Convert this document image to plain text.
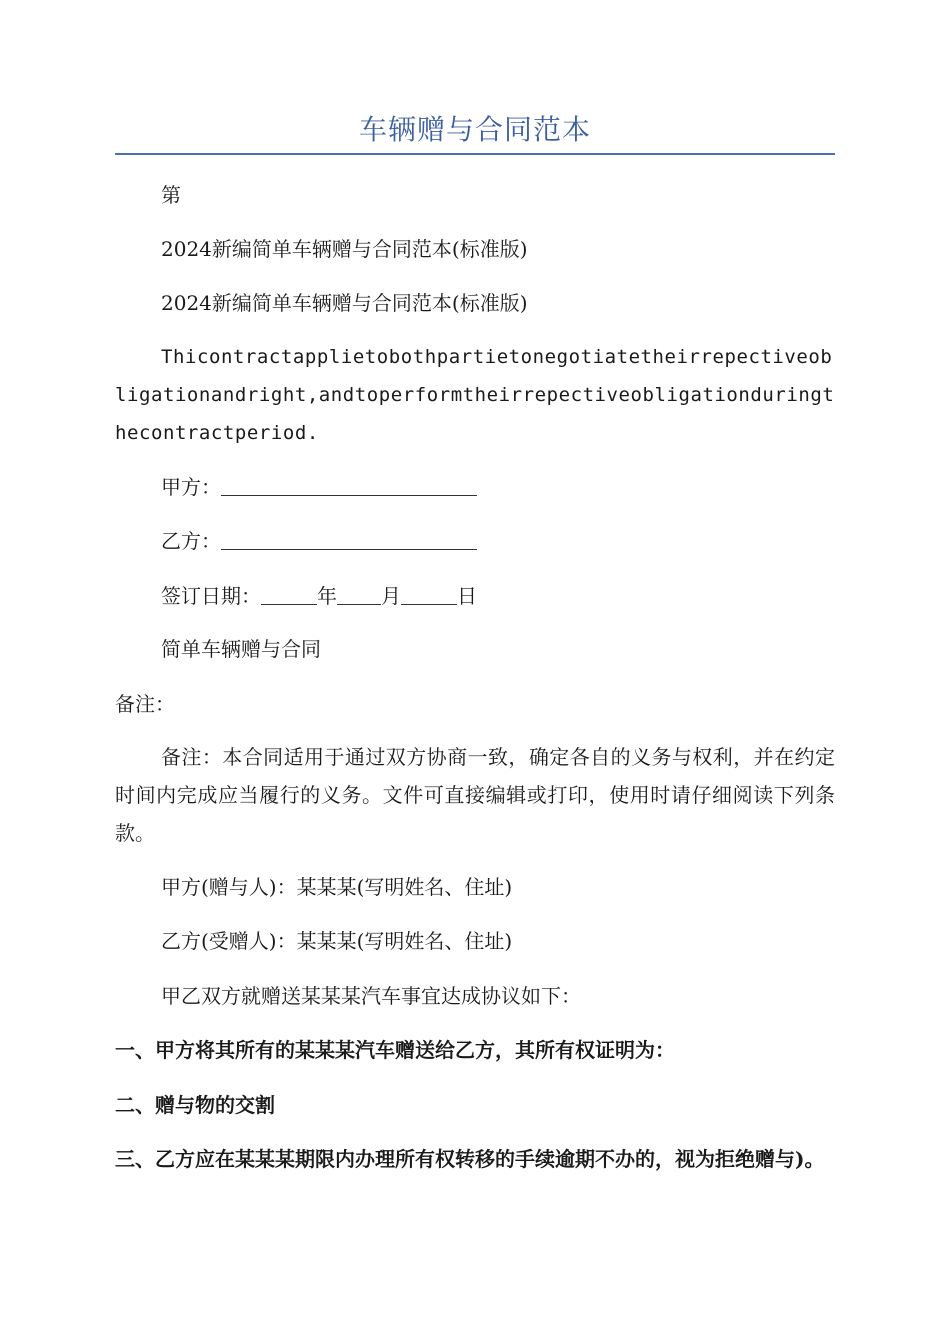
车辆赠与合同范本
第
2024新编简单车辆赠与合同范本(标准版)
2024新编简单车辆赠与合同范本(标准版)
Thicontractapplietobothpartietonegotiatetheirrepectiveobligationandright,andtoperformtheirrepectiveobligationduringthecontractperiod.
甲方：
乙方：
签订日期：	年 月	日
简单车辆赠与合同
备注：
备注：本合同适用于通过双方协商一致，确定各自的义务与权利，并在约定时间内完成应当履行的义务。文件可直接编辑或打印，使用时请仔细阅读下列条款。
甲方(赠与人)：某某某(写明姓名、住址)
乙方(受赠人)：某某某(写明姓名、住址)
甲乙双方就赠送某某某汽车事宜达成协议如下：
一、甲方将其所有的某某某汽车赠送给乙方，其所有权证明为：
二、赠与物的交割
三、乙方应在某某某期限内办理所有权转移的手续逾期不办的，视为拒绝赠与)。
